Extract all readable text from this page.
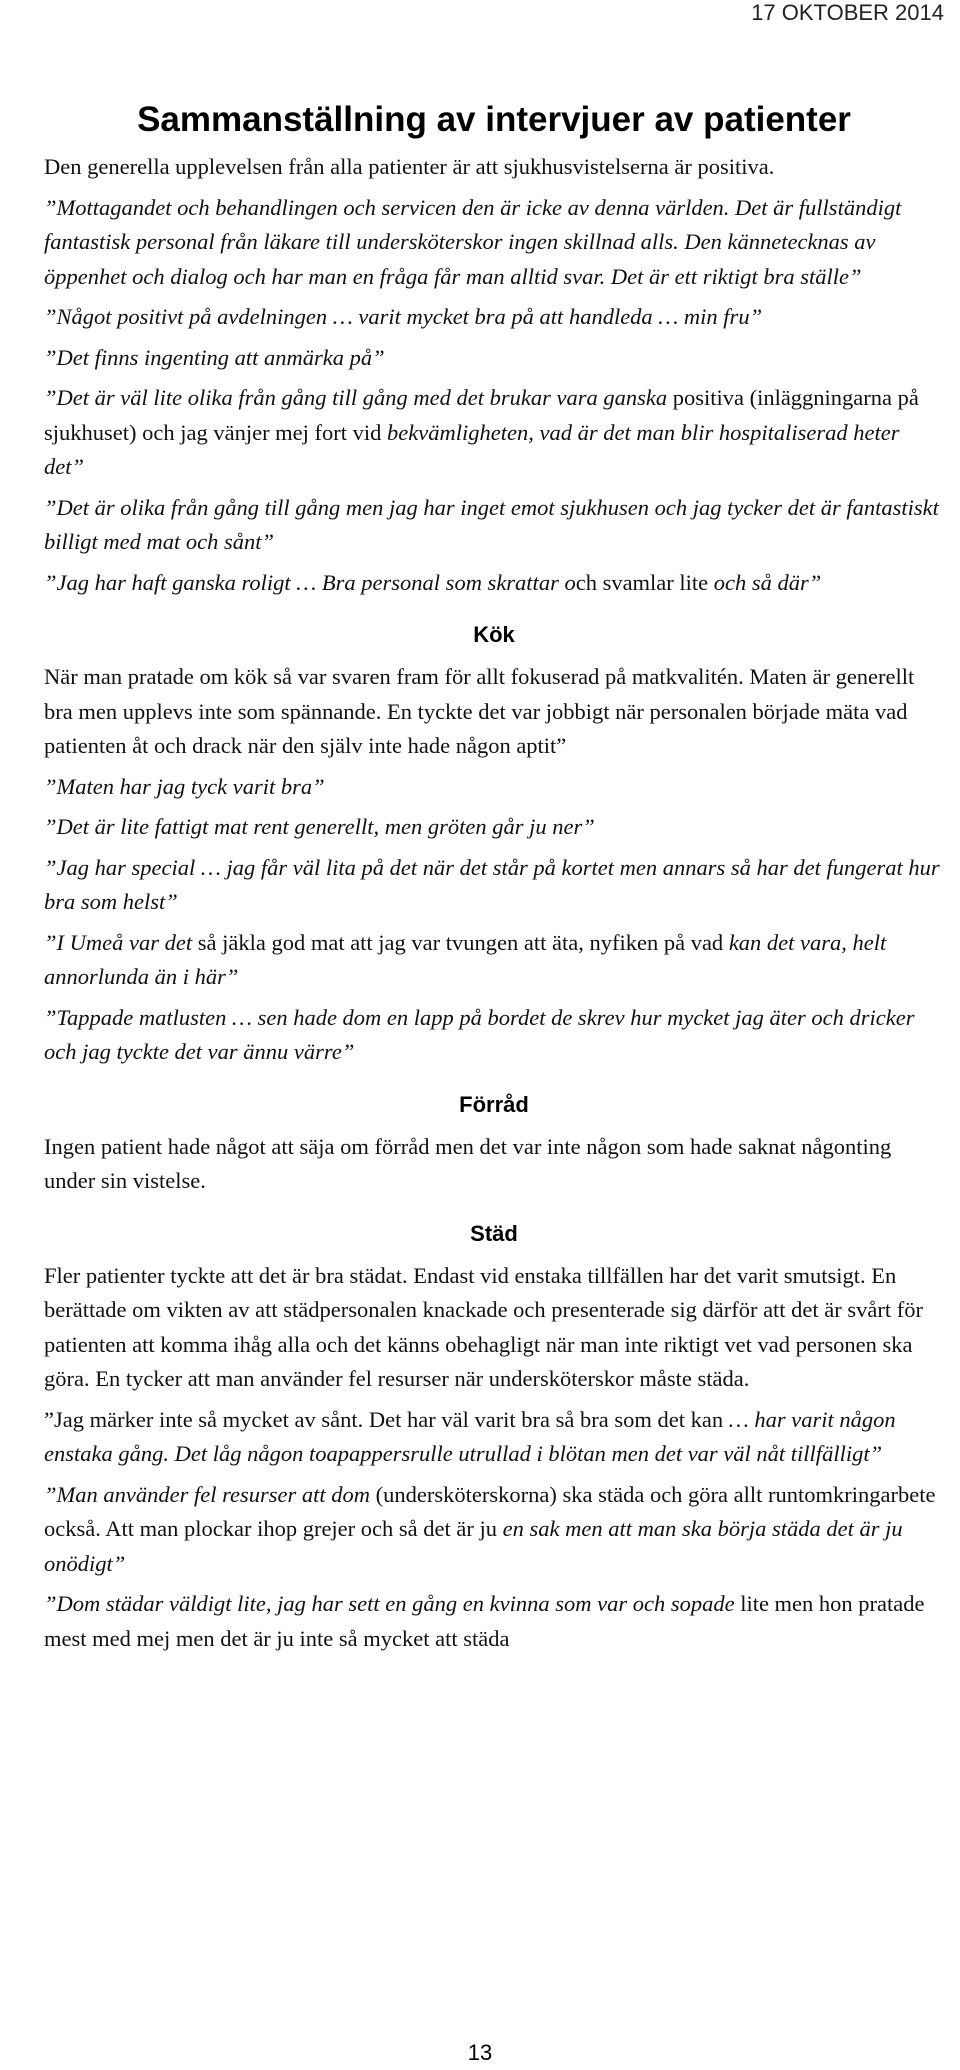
17 OKTOBER 2014
Sammanställning av intervjuer av patienter

Den generella upplevelsen från alla patienter är att sjukhusvistelserna är positiva.

”Mottagandet och behandlingen och servicen den är icke av denna världen. Det är fullständigt fantastisk personal från läkare till undersköterskor ingen skillnad alls. Den kännetecknas av öppenhet och dialog och har man en fråga får man alltid svar. Det är ett riktigt bra ställe”

”Något positivt på avdelningen … varit mycket bra på att handleda … min fru”

”Det finns ingenting att anmärka på”

”Det är väl lite olika från gång till gång med det brukar vara ganska positiva (inläggningarna på sjukhuset) och jag vänjer mej fort vid bekvämligheten, vad är det man blir hospitaliserad heter det”

”Det är olika från gång till gång men jag har inget emot sjukhusen och jag tycker det är fantastiskt billigt med mat och sånt”

”Jag har haft ganska roligt … Bra personal som skrattar och svamlar lite och så där”

Kök

När man pratade om kök så var svaren fram för allt fokuserad på matkvalitén. Maten är generellt bra men upplevs inte som spännande. En tyckte det var jobbigt när personalen började mäta vad patienten åt och drack när den själv inte hade någon aptit”

”Maten har jag tyck varit bra”

”Det är lite fattigt mat rent generellt, men gröten går ju ner”

”Jag har special … jag får väl lita på det när det står på kortet men annars så har det fungerat hur bra som helst”

”I Umeå var det så jäkla god mat att jag var tvungen att äta, nyfiken på vad kan det vara, helt annorlunda än i här”

”Tappade matlusten … sen hade dom en lapp på bordet de skrev hur mycket jag äter och dricker och jag tyckte det var ännu värre”

Förråd

Ingen patient hade något att säja om förråd men det var inte någon som hade saknat någonting under sin vistelse.

Städ

Fler patienter tyckte att det är bra städat. Endast vid enstaka tillfällen har det varit smutsigt. En berättade om vikten av att städpersonalen knackade och presenterade sig därför att det är svårt för patienten att komma ihåg alla och det känns obehagligt när man inte riktigt vet vad personen ska göra. En tycker att man använder fel resurser när undersköterskor måste städa.

”Jag märker inte så mycket av sånt. Det har väl varit bra så bra som det kan … har varit någon enstaka gång. Det låg någon toapappersrulle utrullad i blötan men det var väl nåt tillfälligt”

”Man använder fel resurser att dom (undersköterskorna) ska städa och göra allt runtomkringarbete också. Att man plockar ihop grejer och så det är ju en sak men att man ska börja städa det är ju onödigt”

”Dom städar väldigt lite, jag har sett en gång en kvinna som var och sopade lite men hon pratade mest med mej men det är ju inte så mycket att städa

13
